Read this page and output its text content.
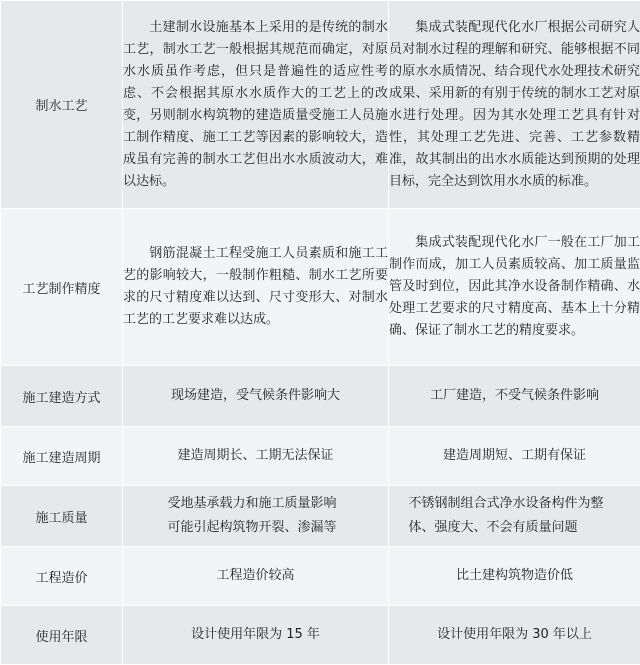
制水工艺	土建制水设施基本上采用的是传统的制水工艺，制水工艺一般根据其规范而确定，对原水水质虽作考虑，但只是普遍性的适应性考虑、不会根据其原水水质作大的工艺上的改变，另则制水构筑物的建造质量受施工人员施工制作精度、施工工艺等因素的影响较大，造成虽有完善的制水工艺但出水水质波动大，难以达标。	集成式装配现代化水厂根据公司研究人员对制水过程的理解和研究、能够根据不同的原水水质情况、结合现代水处理技术研究成果、采用新的有别于传统的制水工艺对原水进行处理。因为其水处理工艺具有针对性，其处理工艺先进、完善、工艺参数精准，故其制出的出水水质能达到预期的处理目标，完全达到饮用水水质的标准。
工艺制作精度	钢筋混凝土工程受施工人员素质和施工工艺的影响较大，一般制作粗糙、制水工艺所要求的尺寸精度难以达到、尺寸变形大、对制水工艺的工艺要求难以达成。	集成式装配现代化水厂一般在工厂加工制作而成，加工人员素质较高、加工质量监管及时到位，因此其净水设备制作精确、水处理工艺要求的尺寸精度高、基本上十分精确、保证了制水工艺的精度要求。
施工建造方式	现场建造，受气候条件影响大	工厂建造，不受气候条件影响
施工建造周期	建造周期长、工期无法保证	建造周期短、工期有保证
施工质量	受地基承载力和施工质量影响可能引起构筑物开裂、渗漏等	不锈钢制组合式净水设备构件为整体、强度大、不会有质量问题

工程造价	工程造价较高	比土建构筑物造价低
使用年限	设计使用年限为 15 年	设计使用年限为 30 年以上
